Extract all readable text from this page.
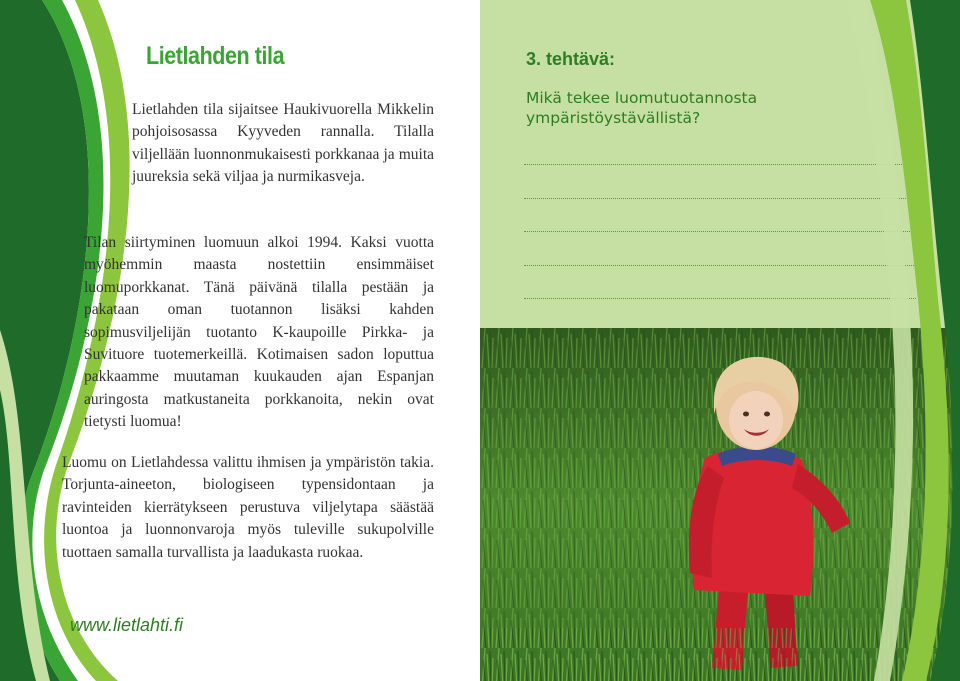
Lietlahden tila

Lietlahden tila sijaitsee Haukivuorella Mikkelin pohjoisosassa Kyyveden rannalla. Tilalla viljellään luonnonmukaisesti porkkanaa ja muita juureksia sekä viljaa ja nurmikasveja.

Tilan siirtyminen luomuun alkoi 1994. Kaksi vuotta myöhemmin maasta nostettiin ensimmäiset luomuporkkanat. Tänä päivänä tilalla pestään ja pakataan oman tuotannon lisäksi kahden sopimusviljelijän tuotanto K-kaupoille Pirkka- ja Suvituore tuotemerkeillä. Kotimaisen sadon loputtua pakkaamme muutaman kuukauden ajan Espanjan auringosta matkustaneita porkkanoita, nekin ovat tietysti luomua!

Luomu on Lietlahdessa valittu ihmisen ja ympäristön takia. Torjunta-aineeton, biologiseen typensidontaan ja ravinteiden kierrätykseen perustuva viljelytapa säästää luontoa ja luonnonvaroja myös tuleville sukupolville tuottaen samalla turvallista ja laadukasta ruokaa.

www.lietlahti.fi
3. tehtävä:

Mikä tekee luomutuotannosta ympäristöystävällistä?
